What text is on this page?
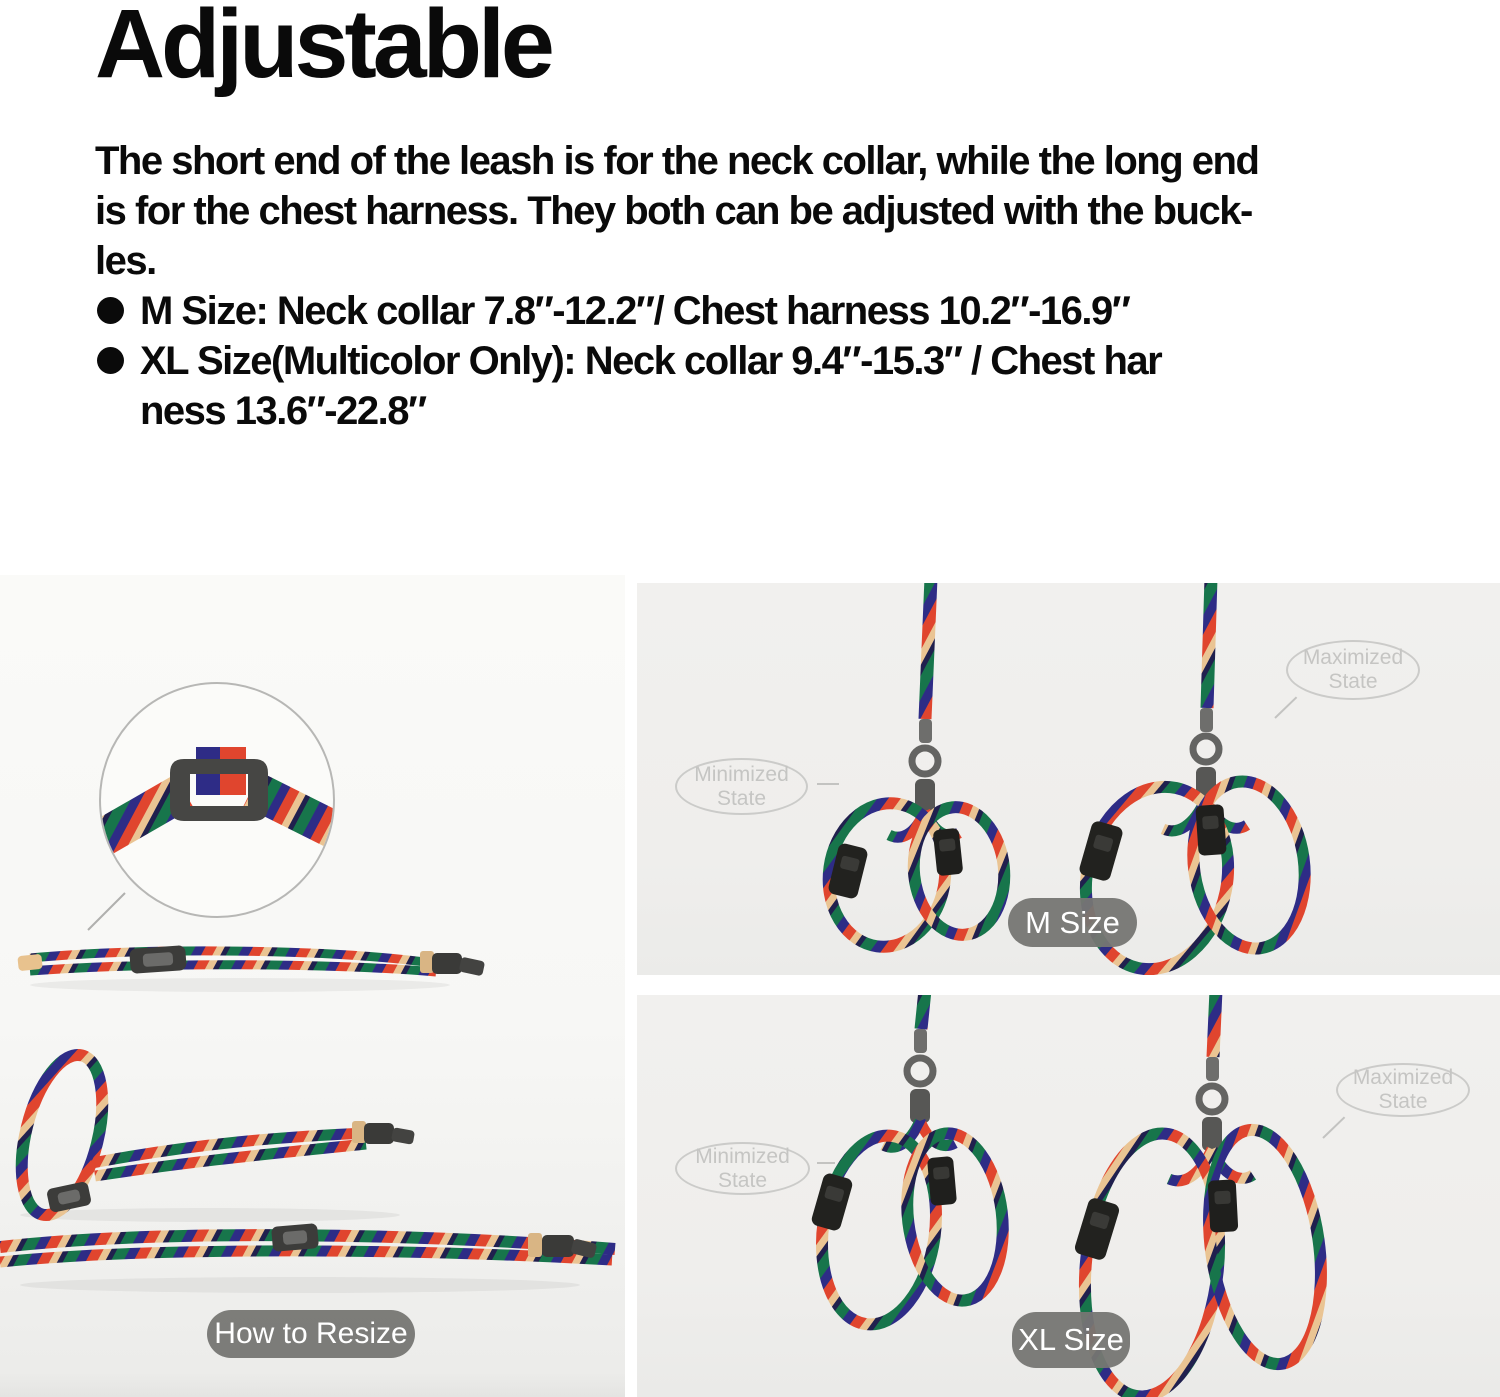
Adjustable
The short end of the leash is for the neck collar, while the long end
is for the chest harness. They both can be adjusted with the buck-
les.
M Size: Neck collar 7.8″-12.2″/ Chest harness 10.2″-16.9″
XL Size(Multicolor Only): Neck collar 9.4″-15.3″ / Chest har
ness 13.6″-22.8″
How to Resize
Minimized
State
Maximized
State
M Size
Minimized
State
Maximized
State
XL Size
